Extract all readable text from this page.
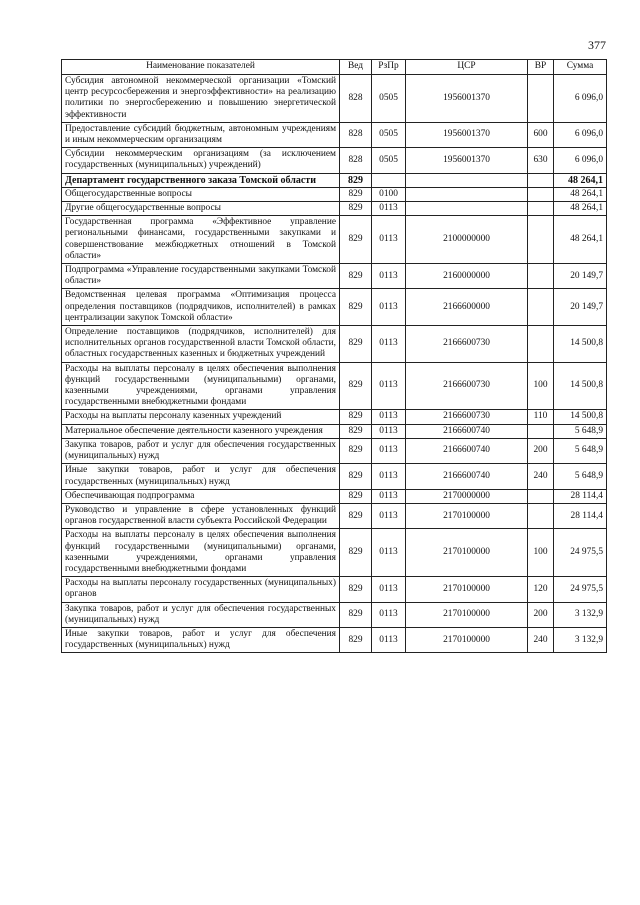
377
Наименование показателей	Вед	РзПр	ЦСР	ВР	Сумма
Субсидия автономной некоммерческой организации «Томский центр ресурсосбережения и энергоэффективности» на реализацию политики по энергосбережению и повышению энергетической эффективности	828	0505	1956001370		6 096,0
Предоставление субсидий бюджетным, автономным учреждениям и иным некоммерческим организациям	828	0505	1956001370	600	6 096,0
Субсидии некоммерческим организациям (за исключением государственных (муниципальных) учреждений)	828	0505	1956001370	630	6 096,0
Департамент государственного заказа Томской области	829				48 264,1
Общегосударственные вопросы	829	0100			48 264,1
Другие общегосударственные вопросы	829	0113			48 264,1
Государственная программа «Эффективное управление региональными финансами, государственными закупками и совершенствование межбюджетных отношений в Томской области»	829	0113	2100000000		48 264,1
Подпрограмма «Управление государственными закупками Томской области»	829	0113	2160000000		20 149,7
Ведомственная целевая программа «Оптимизация процесса определения поставщиков (подрядчиков, исполнителей) в рамках централизации закупок Томской области»	829	0113	2166600000		20 149,7
Определение поставщиков (подрядчиков, исполнителей) для исполнительных органов государственной власти Томской области, областных государственных казенных и бюджетных учреждений	829	0113	2166600730		14 500,8
Расходы на выплаты персоналу в целях обеспечения выполнения функций государственными (муниципальными) органами, казенными учреждениями, органами управления государственными внебюджетными фондами	829	0113	2166600730	100	14 500,8
Расходы на выплаты персоналу казенных учреждений	829	0113	2166600730	110	14 500,8
Материальное обеспечение деятельности казенного учреждения	829	0113	2166600740		5 648,9
Закупка товаров, работ и услуг для обеспечения государственных (муниципальных) нужд	829	0113	2166600740	200	5 648,9
Иные закупки товаров, работ и услуг для обеспечения государственных (муниципальных) нужд	829	0113	2166600740	240	5 648,9
Обеспечивающая подпрограмма	829	0113	2170000000		28 114,4
Руководство и управление в сфере установленных функций органов государственной власти субъекта Российской Федерации	829	0113	2170100000		28 114,4
Расходы на выплаты персоналу в целях обеспечения выполнения функций государственными (муниципальными) органами, казенными учреждениями, органами управления государственными внебюджетными фондами	829	0113	2170100000	100	24 975,5
Расходы на выплаты персоналу государственных (муниципальных) органов	829	0113	2170100000	120	24 975,5
Закупка товаров, работ и услуг для обеспечения государственных (муниципальных) нужд	829	0113	2170100000	200	3 132,9
Иные закупки товаров, работ и услуг для обеспечения государственных (муниципальных) нужд	829	0113	2170100000	240	3 132,9
